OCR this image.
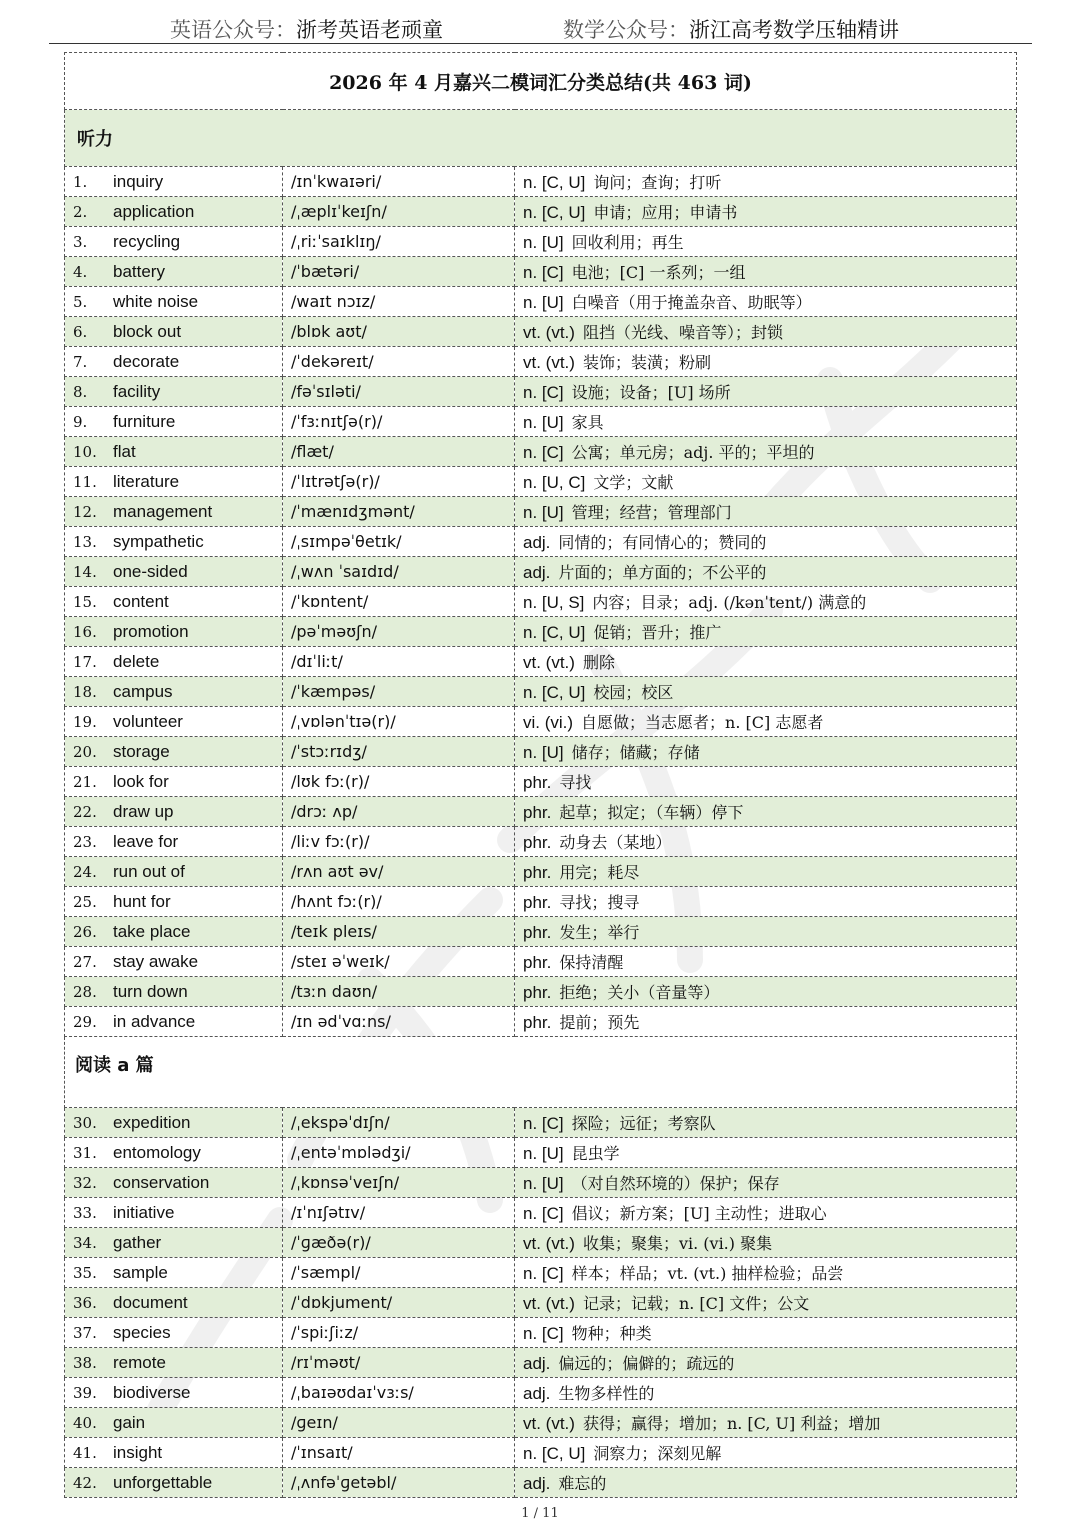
英语公众号：浙考英语老顽童	数学公众号：浙江高考数学压轴精讲
2026 年 4 月嘉兴二模词汇分类总结(共 463 词)		
听力		
1. inquiry	/ɪnˈkwaɪəri/	n. [C, U] 询问；查询；打听
2. application	/ˌæplɪˈkeɪʃn/	n. [C, U] 申请；应用；申请书
3. recycling	/ˌriːˈsaɪklɪŋ/	n. [U] 回收利用；再生
4. battery	/ˈbætəri/	n. [C] 电池；[C] 一系列；一组
5. white noise	/waɪt nɔɪz/	n. [U] 白噪音（用于掩盖杂音、助眠等）
6. block out	/blɒk aʊt/	vt. (vt.) 阻挡（光线、噪音等）；封锁
7. decorate	/ˈdekəreɪt/	vt. (vt.) 装饰；装潢；粉刷
8. facility	/fəˈsɪləti/	n. [C] 设施；设备；[U] 场所
9. furniture	/ˈfɜːnɪtʃə(r)/	n. [U] 家具
10. flat	/flæt/	n. [C] 公寓；单元房；adj. 平的；平坦的
11. literature	/ˈlɪtrətʃə(r)/	n. [U, C] 文学；文献
12. management	/ˈmænɪdʒmənt/	n. [U] 管理；经营；管理部门
13. sympathetic	/ˌsɪmpəˈθetɪk/	adj. 同情的；有同情心的；赞同的
14. one-sided	/ˌwʌn ˈsaɪdɪd/	adj. 片面的；单方面的；不公平的
15. content	/ˈkɒntent/	n. [U, S] 内容；目录；adj. (/kənˈtent/) 满意的
16. promotion	/pəˈməʊʃn/	n. [C, U] 促销；晋升；推广
17. delete	/dɪˈliːt/	vt. (vt.) 删除
18. campus	/ˈkæmpəs/	n. [C, U] 校园；校区
19. volunteer	/ˌvɒlənˈtɪə(r)/	vi. (vi.) 自愿做；当志愿者；n. [C] 志愿者
20. storage	/ˈstɔːrɪdʒ/	n. [U] 储存；储藏；存储
21. look for	/lʊk fɔː(r)/	phr. 寻找
22. draw up	/drɔː ʌp/	phr. 起草；拟定；（车辆）停下
23. leave for	/liːv fɔː(r)/	phr. 动身去（某地）
24. run out of	/rʌn aʊt əv/	phr. 用完；耗尽
25. hunt for	/hʌnt fɔː(r)/	phr. 寻找；搜寻
26. take place	/teɪk pleɪs/	phr. 发生；举行
27. stay awake	/steɪ əˈweɪk/	phr. 保持清醒
28. turn down	/tɜːn daʊn/	phr. 拒绝；关小（音量等）
29. in advance	/ɪn ədˈvɑːns/	phr. 提前；预先
阅读 a 篇		
30. expedition	/ˌekspəˈdɪʃn/	n. [C] 探险；远征；考察队
31. entomology	/ˌentəˈmɒlədʒi/	n. [U] 昆虫学
32. conservation	/ˌkɒnsəˈveɪʃn/	n. [U] （对自然环境的）保护；保存
33. initiative	/ɪˈnɪʃətɪv/	n. [C] 倡议；新方案；[U] 主动性；进取心
34. gather	/ˈɡæðə(r)/	vt. (vt.) 收集；聚集；vi. (vi.) 聚集
35. sample	/ˈsæmpl/	n. [C] 样本；样品；vt. (vt.) 抽样检验；品尝
36. document	/ˈdɒkjument/	vt. (vt.) 记录；记载；n. [C] 文件；公文
37. species	/ˈspiːʃiːz/	n. [C] 物种；种类
38. remote	/rɪˈməʊt/	adj. 偏远的；偏僻的；疏远的
39. biodiverse	/ˌbaɪəʊdaɪˈvɜːs/	adj. 生物多样性的
40. gain	/ɡeɪn/	vt. (vt.) 获得；赢得；增加；n. [C, U] 利益；增加
41. insight	/ˈɪnsaɪt/	n. [C, U] 洞察力；深刻见解
42. unforgettable	/ˌʌnfəˈɡetəbl/	adj. 难忘的
1 / 11
